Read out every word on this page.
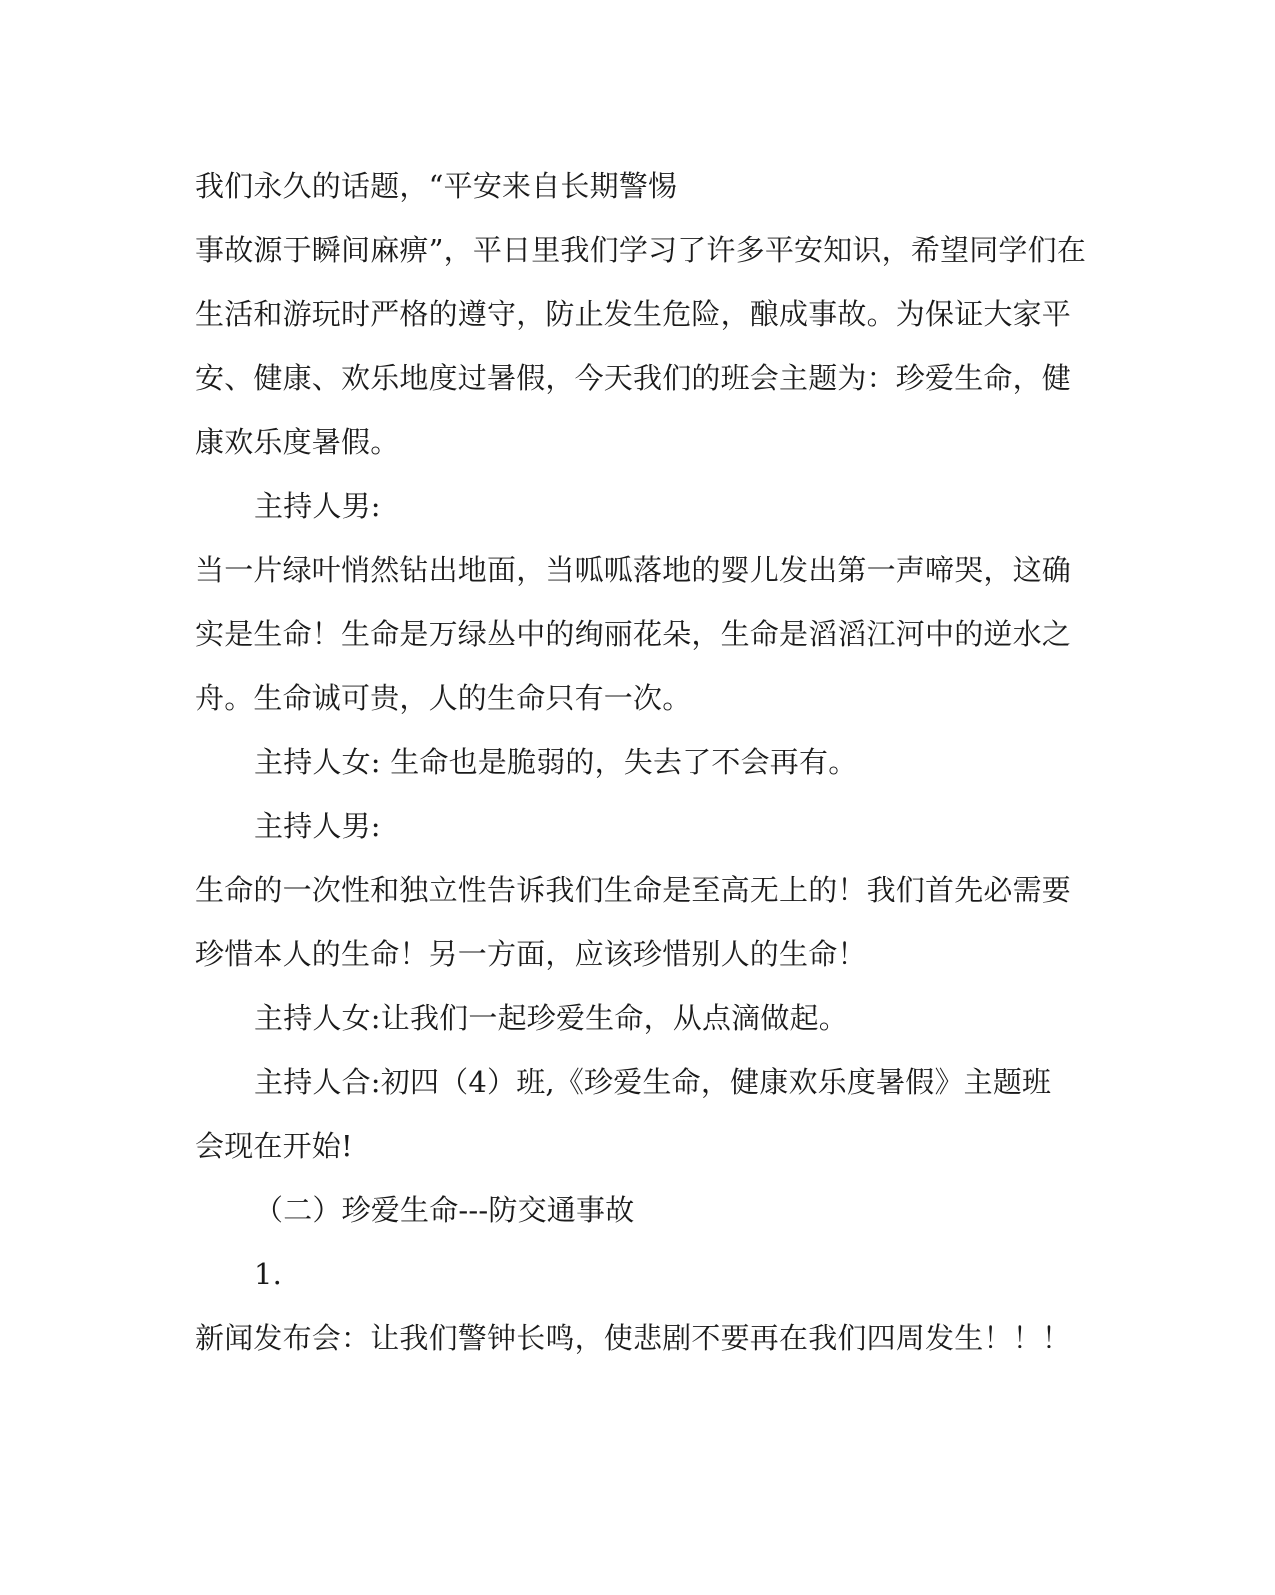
我们永久的话题，“平安来自长期警惕
事故源于瞬间麻痹”，平日里我们学习了许多平安知识，希望同学们在
生活和游玩时严格的遵守，防止发生危险，酿成事故。为保证大家平
安、健康、欢乐地度过暑假，今天我们的班会主题为：珍爱生命，健
康欢乐度暑假。
主持人男:
当一片绿叶悄然钻出地面，当呱呱落地的婴儿发出第一声啼哭，这确
实是生命！生命是万绿丛中的绚丽花朵，生命是滔滔江河中的逆水之
舟。生命诚可贵，人的生命只有一次。
主持人女: 生命也是脆弱的，失去了不会再有。
主持人男:
生命的一次性和独立性告诉我们生命是至高无上的！我们首先必需要
珍惜本人的生命！另一方面，应该珍惜别人的生命！
主持人女:让我们一起珍爱生命，从点滴做起。
主持人合:初四（4）班,《珍爱生命，健康欢乐度暑假》主题班
会现在开始!
（二）珍爱生命---防交通事故
1.
新闻发布会：让我们警钟长鸣，使悲剧不要再在我们四周发生！！！
